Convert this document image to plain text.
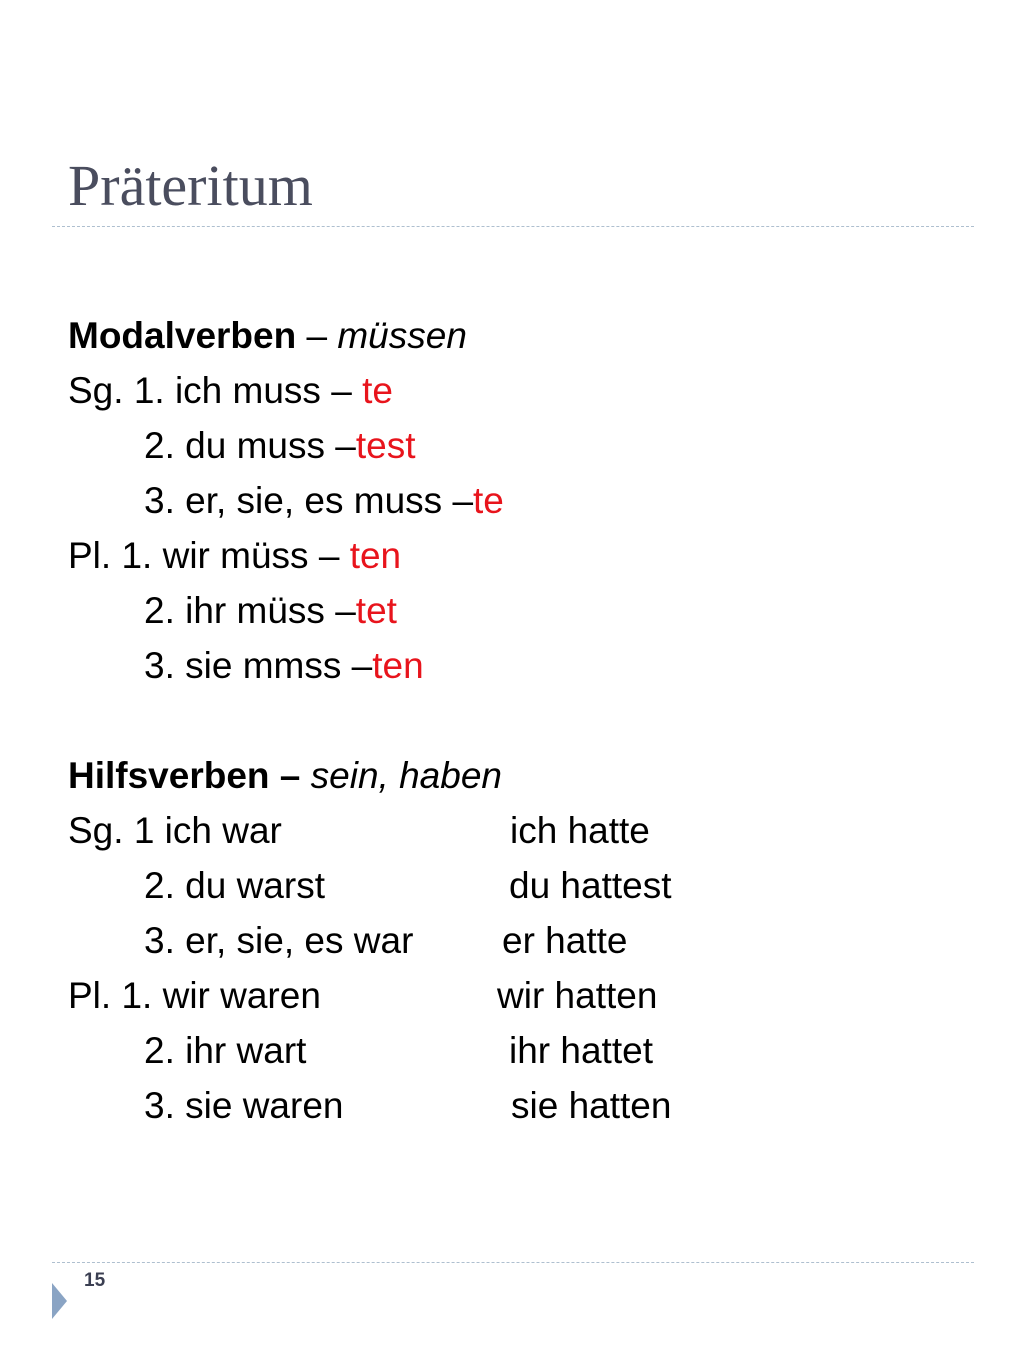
Präteritum
Modalverben – müssen
Sg. 1. ich muss – te
2. du muss –test
3. er, sie, es muss –te
Pl. 1. wir müss – ten
2. ihr müss –tet
3. sie mmss –ten
Hilfsverben – sein, haben
Sg. 1 ich war	ich hatte
2. du warst	du hattest
3. er, sie, es war er hatte
Pl. 1. wir waren	wir hatten
2. ihr wart	ihr hattet
3. sie waren	sie hatten
15
